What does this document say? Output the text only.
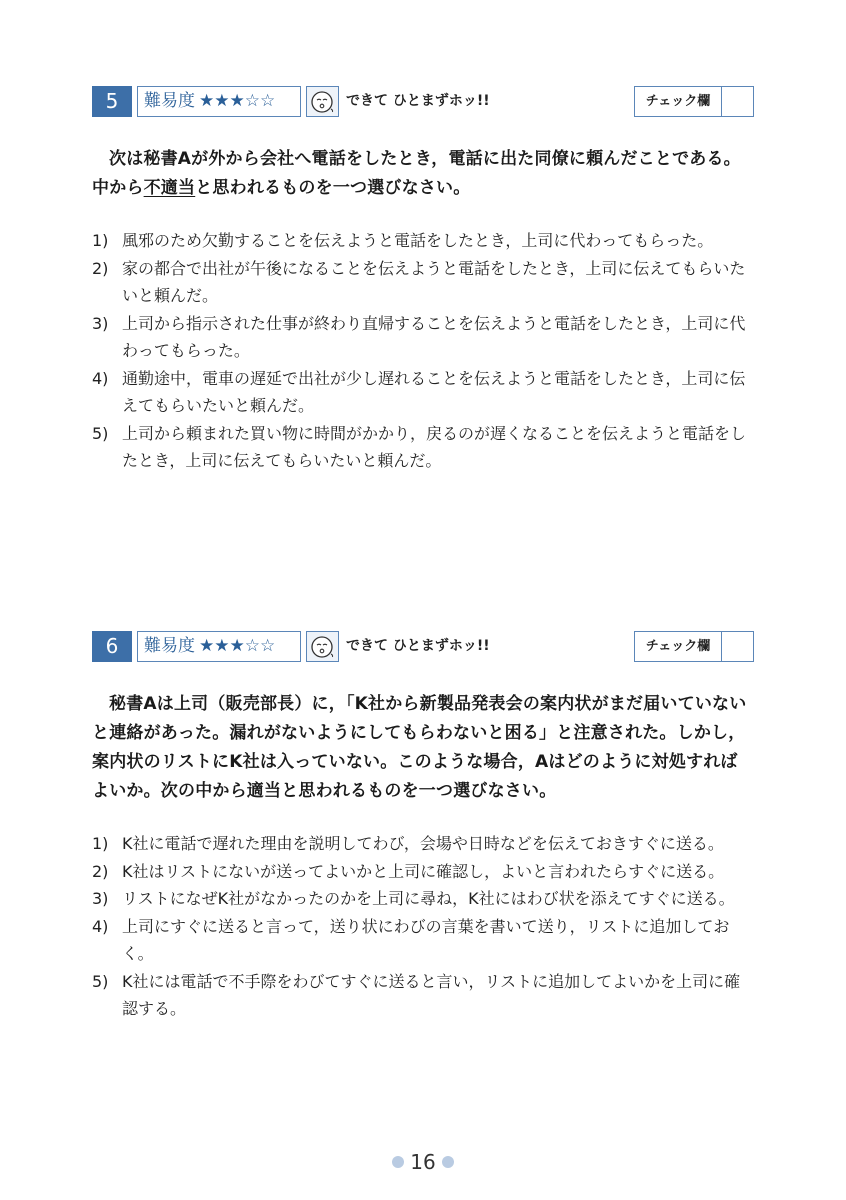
5	難易度 ★★★☆☆	できて ひとまずホッ!!	チェック欄
次は秘書Aが外から会社へ電話をしたとき，電話に出た同僚に頼んだことである。中から不適当と思われるものを一つ選びなさい。
1) 風邪のため欠勤することを伝えようと電話をしたとき，上司に代わってもらった。
2) 家の都合で出社が午後になることを伝えようと電話をしたとき，上司に伝えてもらいたいと頼んだ。
3) 上司から指示された仕事が終わり直帰することを伝えようと電話をしたとき，上司に代わってもらった。
4) 通勤途中，電車の遅延で出社が少し遅れることを伝えようと電話をしたとき，上司に伝えてもらいたいと頼んだ。
5) 上司から頼まれた買い物に時間がかかり，戻るのが遅くなることを伝えようと電話をしたとき，上司に伝えてもらいたいと頼んだ。
6	難易度 ★★★☆☆	できて ひとまずホッ!!	チェック欄
秘書Aは上司（販売部長）に，「K社から新製品発表会の案内状がまだ届いていないと連絡があった。漏れがないようにしてもらわないと困る」と注意された。しかし，案内状のリストにK社は入っていない。このような場合，Aはどのように対処すればよいか。次の中から適当と思われるものを一つ選びなさい。
1) K社に電話で遅れた理由を説明してわび，会場や日時などを伝えておきすぐに送る。
2) K社はリストにないが送ってよいかと上司に確認し，よいと言われたらすぐに送る。
3) リストになぜK社がなかったのかを上司に尋ね，K社にはわび状を添えてすぐに送る。
4) 上司にすぐに送ると言って，送り状にわびの言葉を書いて送り，リストに追加しておく。
5) K社には電話で不手際をわびてすぐに送ると言い，リストに追加してよいかを上司に確認する。
16
